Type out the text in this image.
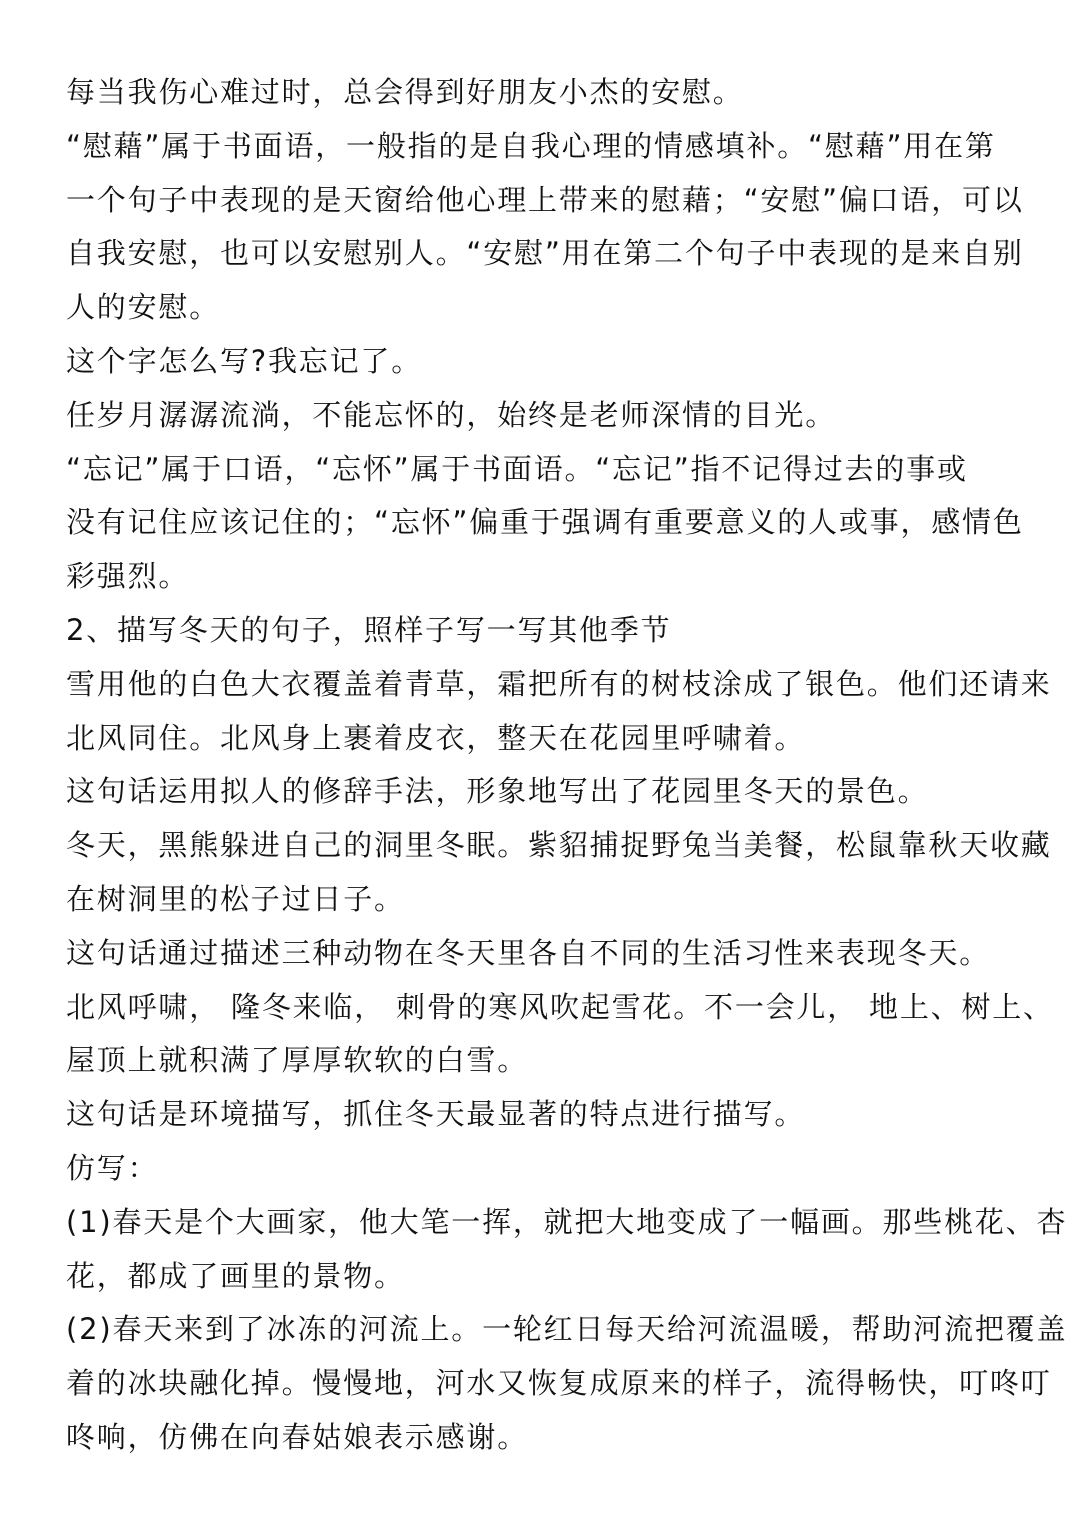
每当我伤心难过时，总会得到好朋友小杰的安慰。

“慰藉”属于书面语，一般指的是自我心理的情感填补。“慰藉”用在第
一个句子中表现的是天窗给他心理上带来的慰藉；“安慰”偏口语，可以
自我安慰，也可以安慰别人。“安慰”用在第二个句子中表现的是来自别
人的安慰。

这个字怎么写?我忘记了。

任岁月潺潺流淌，不能忘怀的，始终是老师深情的目光。

“忘记”属于口语，“忘怀”属于书面语。“忘记”指不记得过去的事或
没有记住应该记住的；“忘怀”偏重于强调有重要意义的人或事，感情色
彩强烈。

2、描写冬天的句子，照样子写一写其他季节

雪用他的白色大衣覆盖着青草，霜把所有的树枝涂成了银色。他们还请来
北风同住。北风身上裹着皮衣，整天在花园里呼啸着。

这句话运用拟人的修辞手法，形象地写出了花园里冬天的景色。

冬天，黑熊躲进自己的洞里冬眠。紫貂捕捉野兔当美餐，松鼠靠秋天收藏
在树洞里的松子过日子。

这句话通过描述三种动物在冬天里各自不同的生活习性来表现冬天。

北风呼啸， 隆冬来临， 刺骨的寒风吹起雪花。不一会儿， 地上、树上、
屋顶上就积满了厚厚软软的白雪。

这句话是环境描写，抓住冬天最显著的特点进行描写。

仿写：

(1)春天是个大画家，他大笔一挥，就把大地变成了一幅画。那些桃花、杏
花，都成了画里的景物。

(2)春天来到了冰冻的河流上。一轮红日每天给河流温暖，帮助河流把覆盖
着的冰块融化掉。慢慢地，河水又恢复成原来的样子，流得畅快，叮咚叮
咚响，仿佛在向春姑娘表示感谢。
